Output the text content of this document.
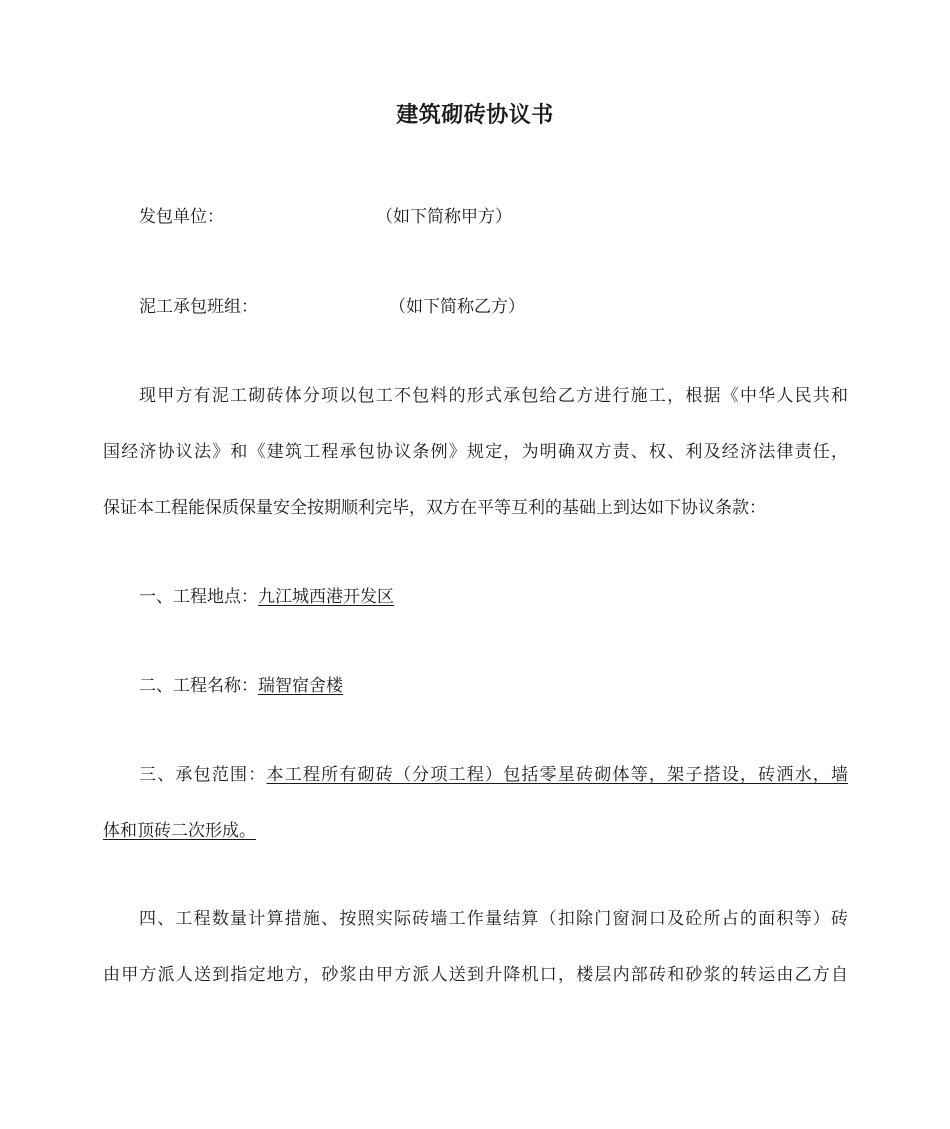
建筑砌砖协议书
发包单位：	（如下简称甲方）
泥工承包班组：	（如下简称乙方）
现甲方有泥工砌砖体分项以包工不包料的形式承包给乙方进行施工，根据《中华人民共和
国经济协议法》和《建筑工程承包协议条例》规定，为明确双方责、权、利及经济法律责任，
保证本工程能保质保量安全按期顺利完毕，双方在平等互利的基础上到达如下协议条款：
一、工程地点：九江城西港开发区
二、工程名称：瑞智宿舍楼
三、承包范围：本工程所有砌砖（分项工程）包括零星砖砌体等，架子搭设，砖洒水，墙
体和顶砖二次形成。
四、工程数量计算措施、按照实际砖墙工作量结算（扣除门窗洞口及砼所占的面积等）砖
由甲方派人送到指定地方，砂浆由甲方派人送到升降机口，楼层内部砖和砂浆的转运由乙方自
